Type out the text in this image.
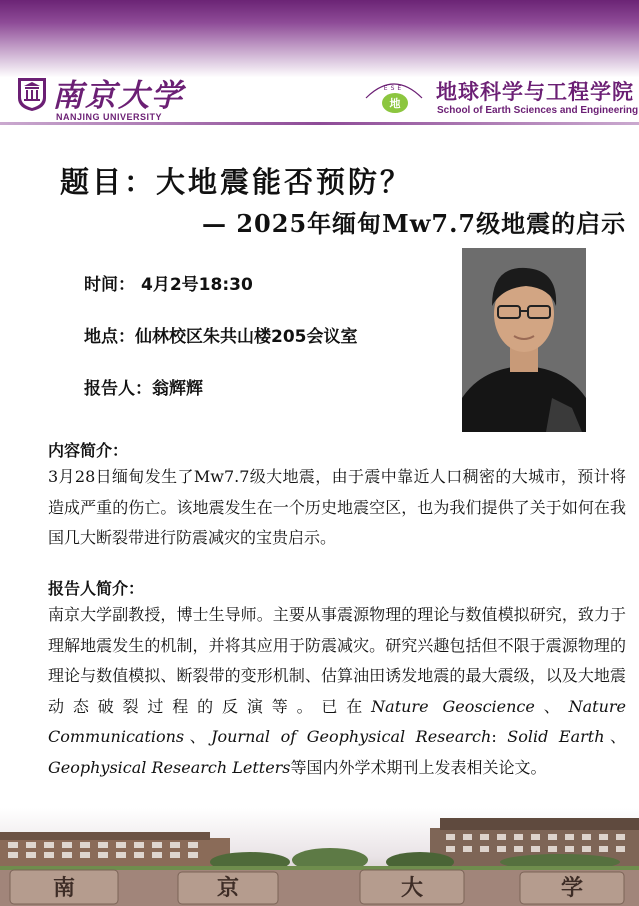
南京大学
NANJING UNIVERSITY
地
ESE 地球科学与工程学院
School of Earth Sciences and Engineering
题目：大地震能否预防？
— 2025年缅甸Mw7.7级地震的启示
时间： 4月2号18:30
地点：仙林校区朱共山楼205会议室
报告人：翁辉辉
内容简介：
3月28日缅甸发生了Mw7.7级大地震，由于震中靠近人口稠密的大城市，预计将造成严重的伤亡。该地震发生在一个历史地震空区，也为我们提供了关于如何在我国几大断裂带进行防震减灾的宝贵启示。
报告人简介：
南京大学副教授，博士生导师。主要从事震源物理的理论与数值模拟研究，致力于理解地震发生的机制，并将其应用于防震减灾。研究兴趣包括但不限于震源物理的理论与数值模拟、断裂带的变形机制、估算油田诱发地震的最大震级，以及大地震动态破裂过程的反演等。已在Nature Geoscience、Nature Communications、Journal of Geophysical Research: Solid Earth、Geophysical Research Letters等国内外学术期刊上发表相关论文。
南	京	大	学
